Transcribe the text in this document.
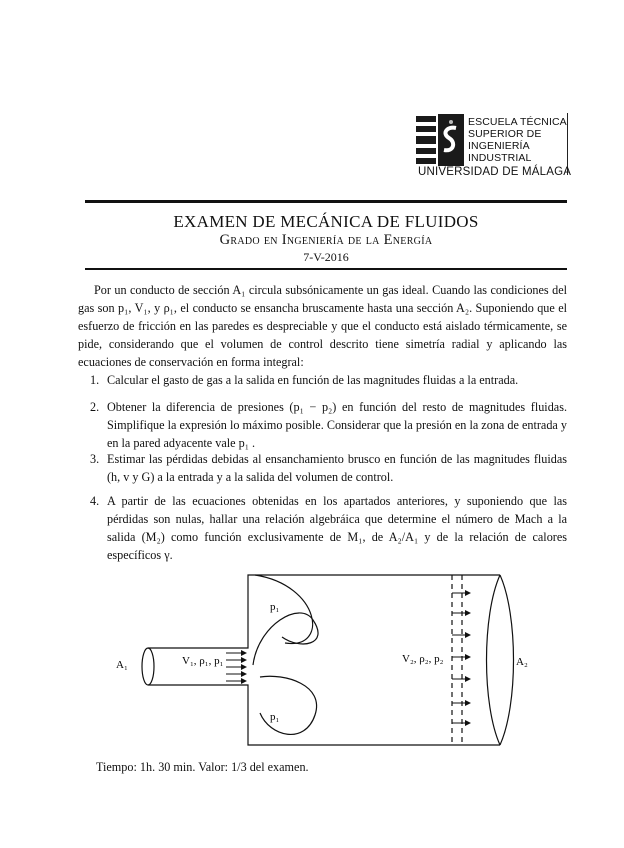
ESCUELA TÉCNICA
SUPERIOR DE
INGENIERÍA
INDUSTRIAL
UNIVERSIDAD DE MÁLAGA
EXAMEN DE MECÁNICA DE FLUIDOS
Grado en Ingeniería de la Energía
7-V-2016

Por un conducto de sección A₁ circula subsónicamente un gas ideal. Cuando las condiciones del gas son p₁, V₁, y ρ₁, el conducto se ensancha bruscamente hasta una sección A₂. Suponiendo que el esfuerzo de fricción en las paredes es despreciable y que el conducto está aislado térmicamente, se pide, considerando que el volumen de control descrito tiene simetría radial y aplicando las ecuaciones de conservación en forma integral:

1. Calcular el gasto de gas a la salida en función de las magnitudes fluidas a la entrada.
2. Obtener la diferencia de presiones (p₁ − p₂) en función del resto de magnitudes fluidas. Simplifique la expresión lo máximo posible. Considerar que la presión en la zona de entrada y en la pared adyacente vale p₁ .
3. Estimar las pérdidas debidas al ensanchamiento brusco en función de las magnitudes fluidas (h, v y G) a la entrada y a la salida del volumen de control.
4. A partir de las ecuaciones obtenidas en los apartados anteriores, y suponiendo que las pérdidas son nulas, hallar una relación algebráica que determine el número de Mach a la salida (M₂) como función exclusivamente de M₁, de A₂/A₁ y de la relación de calores específicos γ.
A₁	V₁, ρ₁, p₁	V₂, ρ₂, p₂	A₂
p₁
p₁
Tiempo: 1h. 30 min. Valor: 1/3 del examen.
